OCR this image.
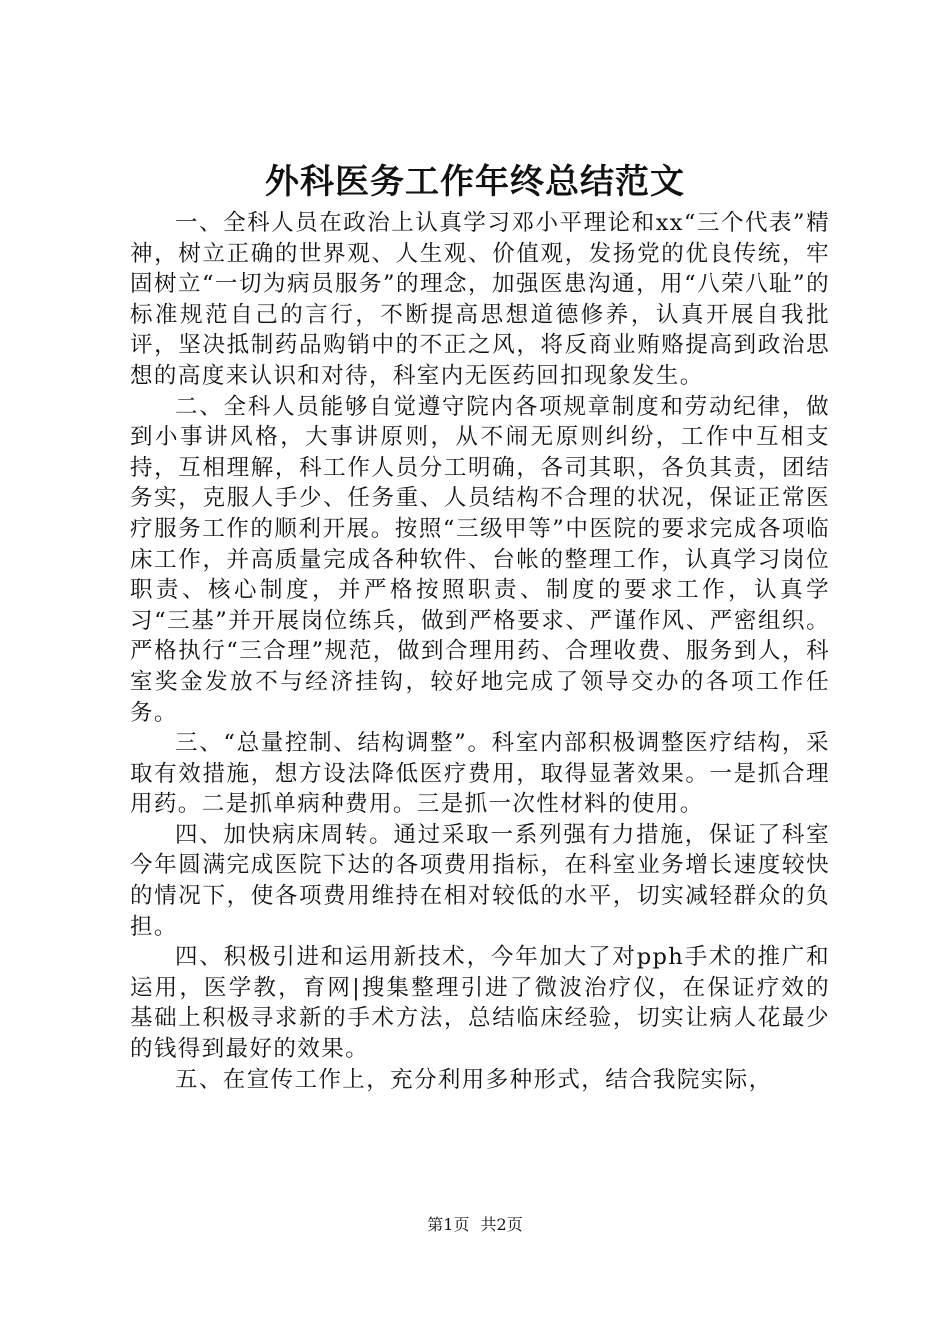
外科医务工作年终总结范文

一、全科人员在政治上认真学习邓小平理论和xx“三个代表”精神，树立正确的世界观、人生观、价值观，发扬党的优良传统，牢固树立“一切为病员服务”的理念，加强医患沟通，用“八荣八耻”的标准规范自己的言行，不断提高思想道德修养，认真开展自我批评，坚决抵制药品购销中的不正之风，将反商业贿赂提高到政治思想的高度来认识和对待，科室内无医药回扣现象发生。

二、全科人员能够自觉遵守院内各项规章制度和劳动纪律，做到小事讲风格，大事讲原则，从不闹无原则纠纷，工作中互相支持，互相理解，科工作人员分工明确，各司其职，各负其责，团结务实，克服人手少、任务重、人员结构不合理的状况，保证正常医疗服务工作的顺利开展。按照“三级甲等”中医院的要求完成各项临床工作，并高质量完成各种软件、台帐的整理工作，认真学习岗位职责、核心制度，并严格按照职责、制度的要求工作，认真学习“三基”并开展岗位练兵，做到严格要求、严谨作风、严密组织。严格执行“三合理”规范，做到合理用药、合理收费、服务到人，科室奖金发放不与经济挂钩，较好地完成了领导交办的各项工作任务。

三、“总量控制、结构调整”。科室内部积极调整医疗结构，采取有效措施，想方设法降低医疗费用，取得显著效果。一是抓合理用药。二是抓单病种费用。三是抓一次性材料的使用。

四、加快病床周转。通过采取一系列强有力措施，保证了科室今年圆满完成医院下达的各项费用指标，在科室业务增长速度较快的情况下，使各项费用维持在相对较低的水平，切实减轻群众的负担。

四、积极引进和运用新技术，今年加大了对pph手术的推广和运用，医学教，育网|搜集整理引进了微波治疗仪，在保证疗效的基础上积极寻求新的手术方法，总结临床经验，切实让病人花最少的钱得到最好的效果。

五、在宣传工作上，充分利用多种形式，结合我院实际，

第1页 共2页
